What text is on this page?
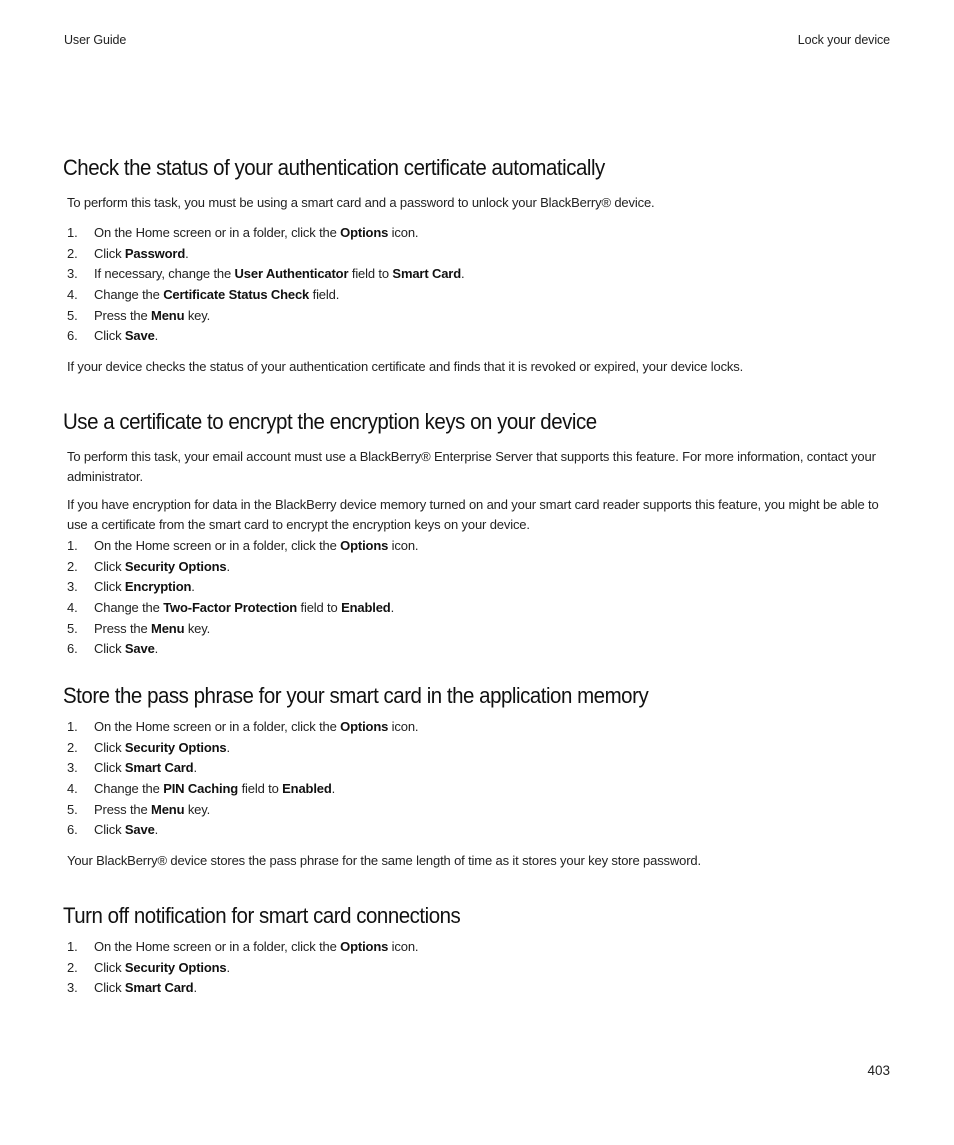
User Guide	Lock your device
Check the status of your authentication certificate automatically

To perform this task, you must be using a smart card and a password to unlock your BlackBerry® device.

1. On the Home screen or in a folder, click the Options icon.
2. Click Password.
3. If necessary, change the User Authenticator field to Smart Card.
4. Change the Certificate Status Check field.
5. Press the Menu key.
6. Click Save.

If your device checks the status of your authentication certificate and finds that it is revoked or expired, your device locks.

Use a certificate to encrypt the encryption keys on your device

To perform this task, your email account must use a BlackBerry® Enterprise Server that supports this feature. For more information, contact your administrator.

If you have encryption for data in the BlackBerry device memory turned on and your smart card reader supports this feature, you might be able to use a certificate from the smart card to encrypt the encryption keys on your device.

1. On the Home screen or in a folder, click the Options icon.
2. Click Security Options.
3. Click Encryption.
4. Change the Two-Factor Protection field to Enabled.
5. Press the Menu key.
6. Click Save.
Store the pass phrase for your smart card in the application memory
1. On the Home screen or in a folder, click the Options icon.
2. Click Security Options.
3. Click Smart Card.
4. Change the PIN Caching field to Enabled.
5. Press the Menu key.
6. Click Save.

Your BlackBerry® device stores the pass phrase for the same length of time as it stores your key store password.

Turn off notification for smart card connections
1. On the Home screen or in a folder, click the Options icon.
2. Click Security Options.
3. Click Smart Card.
403
